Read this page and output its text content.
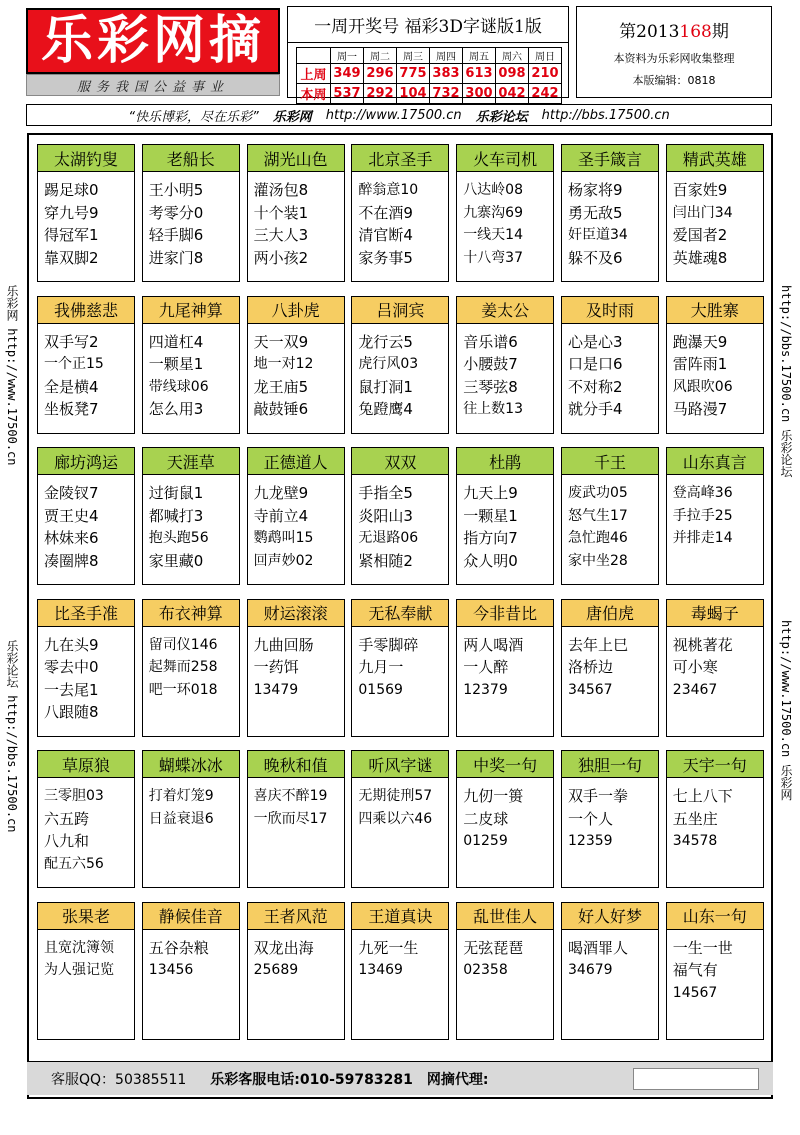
乐彩网摘
服务我国公益事业
一周开奖号 福彩3D字谜版1版
	周一	周二	周三	周四	周五	周六	周日
上周	349	296	775	383	613	098	210
本周	537	292	104	732	300	042	242
第2013168期
本资料为乐彩网收集整理
本版编辑：0818
“快乐博彩，尽在乐彩” 乐彩网 http://www.17500.cn 乐彩论坛 http://bbs.17500.cn
乐彩网 http://www.17500.cn
乐彩论坛 http://bbs.17500.cn
http://bbs.17500.cn 乐彩论坛
http://www.17500.cn 乐彩网
太湖钓叟
踢足球0
穿九号9
得冠军1
靠双脚2
老船长
王小明5
考零分0
轻手脚6
进家门8
湖光山色
灌汤包8
十个装1
三大人3
两小孩2
北京圣手
醉翁意10
不在酒9
清官断4
家务事5
火车司机
八达岭08
九寨沟69
一线天14
十八弯37
圣手箴言
杨家将9
勇无敌5
奸臣道34
躲不及6
精武英雄
百家姓9
闫出门34
爱国者2
英雄魂8
我佛慈悲
双手写2
一个正15
全是横4
坐板凳7
九尾神算
四道杠4
一颗星1
带线球06
怎么用3
八卦虎
天一双9
地一对12
龙王庙5
敲鼓锤6
吕洞宾
龙行云5
虎行风03
鼠打洞1
兔蹬鹰4
姜太公
音乐谱6
小腰鼓7
三琴弦8
往上数13
及时雨
心是心3
口是口6
不对称2
就分手4
大胜寨
跑瀑天9
雷阵雨1
风跟吹06
马路漫7
廊坊鸿运
金陵钗7
贾王史4
林妹来6
凑圈牌8
天涯草
过街鼠1
都喊打3
抱头跑56
家里藏0
正德道人
九龙壁9
寺前立4
鹦鹉叫15
回声妙02
双双
手指全5
炎阳山3
无退路06
紧相随2
杜鹃
九天上9
一颗星1
指方向7
众人明0
千王
废武功05
怒气生17
急忙跑46
家中坐28
山东真言
登高峰36
手拉手25
并排走14
比圣手准
九在头9
零去中0
一去尾1
八跟随8
布衣神算
留司仪146
起舞而258
吧一环018
财运滚滚
九曲回肠
一药饵
13479
无私奉献
手零脚碎
九月一
01569
今非昔比
两人喝酒
一人醉
12379
唐伯虎
去年上巳
洛桥边
34567
毒蝎子
视桃著花
可小寒
23467
草原狼
三零胆03
六五跨
八九和
配五六56
蝴蝶冰冰
打着灯笼9
日益衰退6
晚秋和值
喜庆不醉19
一欣而尽17
听风字谜
无期徒刑57
四乘以六46
中奖一句
九仞一篑
二皮球
01259
独胆一句
双手一拳
一个人
12359
天宇一句
七上八下
五坐庄
34578
张果老
且宽沈簿领
为人强记览
静候佳音
五谷杂粮
13456
王者风范
双龙出海
25689
王道真诀
九死一生
13469
乱世佳人
无弦琵琶
02358
好人好梦
喝酒罪人
34679
山东一句
一生一世
福气有
14567
客服QQ：50385511 乐彩客服电话:010-59783281 网摘代理:
